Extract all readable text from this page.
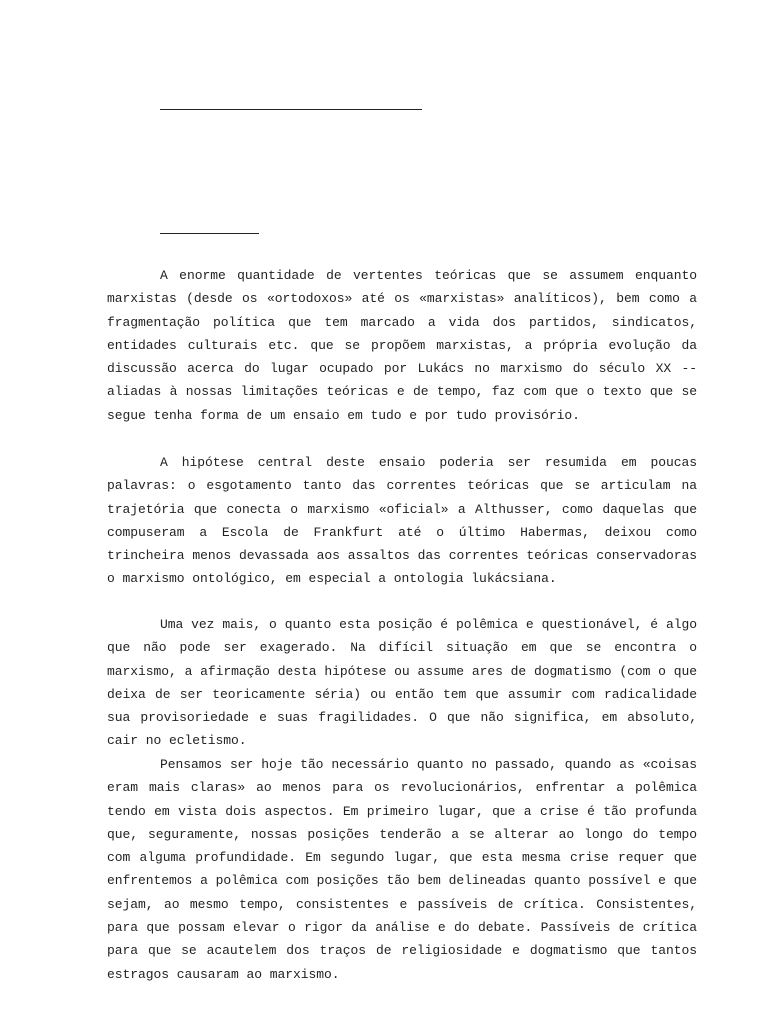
A enorme quantidade de vertentes teóricas que se assumem enquanto marxistas (desde os «ortodoxos» até os «marxistas» analíticos), bem como a fragmentação política que tem marcado a vida dos partidos, sindicatos, entidades culturais etc. que se propõem marxistas, a própria evolução da discussão acerca do lugar ocupado por Lukács no marxismo do século XX -- aliadas à nossas limitações teóricas e de tempo, faz com que o texto que se segue tenha forma de um ensaio em tudo e por tudo provisório.

A hipótese central deste ensaio poderia ser resumida em poucas palavras: o esgotamento tanto das correntes teóricas que se articulam na trajetória que conecta o marxismo «oficial» a Althusser, como daquelas que compuseram a Escola de Frankfurt até o último Habermas, deixou como trincheira menos devassada aos assaltos das correntes teóricas conservadoras o marxismo ontológico, em especial a ontologia lukácsiana.

Uma vez mais, o quanto esta posição é polêmica e questionável, é algo que não pode ser exagerado. Na difícil situação em que se encontra o marxismo, a afirmação desta hipótese ou assume ares de dogmatismo (com o que deixa de ser teoricamente séria) ou então tem que assumir com radicalidade sua provisoriedade e suas fragilidades. O que não significa, em absoluto, cair no ecletismo.

Pensamos ser hoje tão necessário quanto no passado, quando as «coisas eram mais claras» ao menos para os revolucionários, enfrentar a polêmica tendo em vista dois aspectos. Em primeiro lugar, que a crise é tão profunda que, seguramente, nossas posições tenderão a se alterar ao longo do tempo com alguma profundidade. Em segundo lugar, que esta mesma crise requer que enfrentemos a polêmica com posições tão bem delineadas quanto possível e que sejam, ao mesmo tempo, consistentes e passíveis de crítica. Consistentes, para que possam elevar o rigor da análise e do debate. Passíveis de crítica para que se acautelem dos traços de religiosidade e dogmatismo que tantos estragos causaram ao marxismo.
